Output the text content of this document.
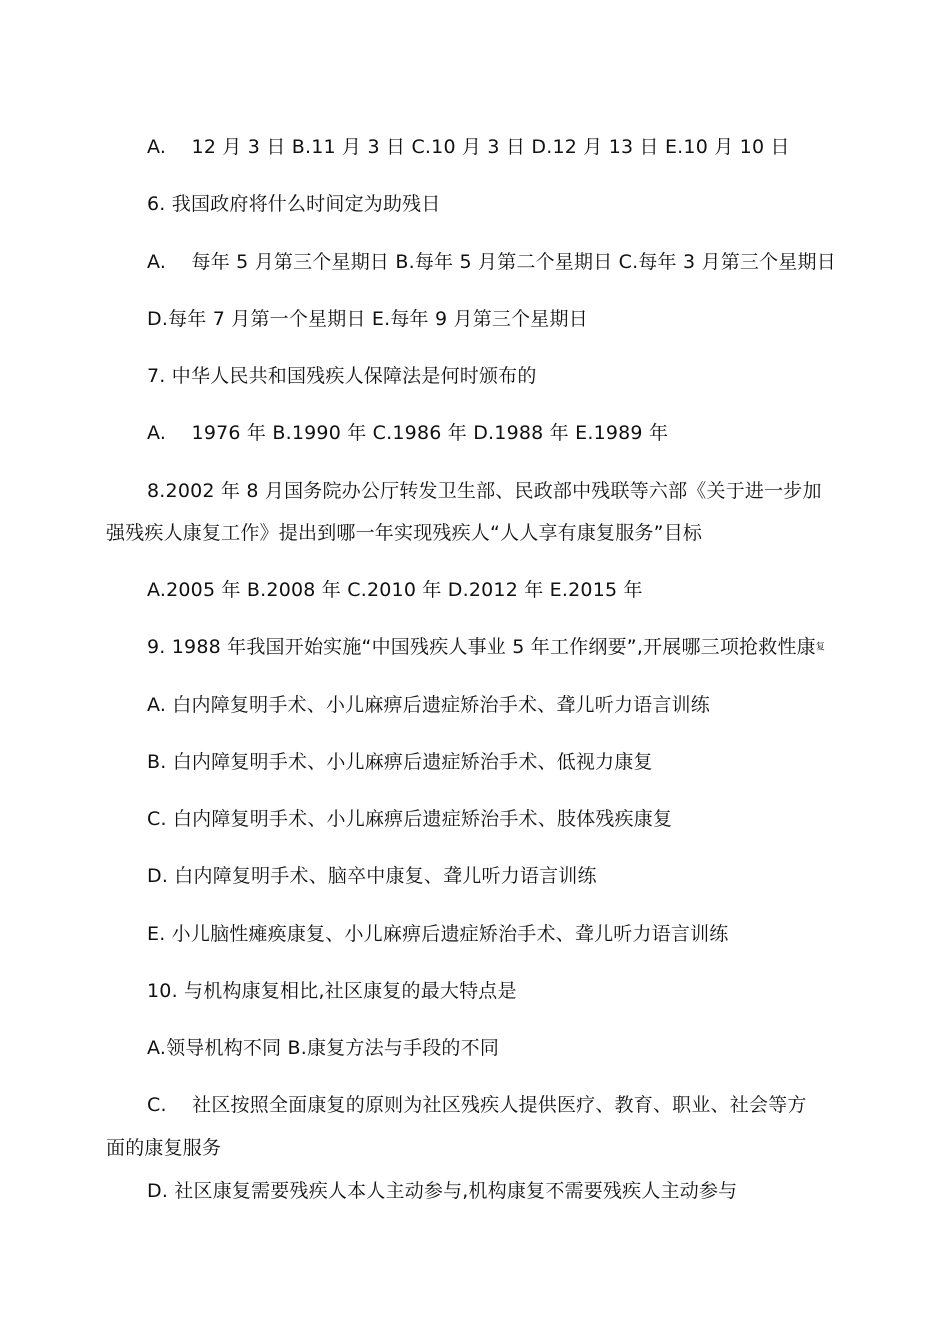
A.　 12 月 3 日 B.11 月 3 日 C.10 月 3 日 D.12 月 13 日 E.10 月 10 日
6. 我国政府将什么时间定为助残日
A.　 每年 5 月第三个星期日 B.每年 5 月第二个星期日 C.每年 3 月第三个星期日
D.每年 7 月第一个星期日 E.每年 9 月第三个星期日
7. 中华人民共和国残疾人保障法是何时颁布的
A.　 1976 年 B.1990 年 C.1986 年 D.1988 年 E.1989 年
8.2002 年 8 月国务院办公厅转发卫生部、民政部中残联等六部《关于进一步加
强残疾人康复工作》提出到哪一年实现残疾人“人人享有康复服务”目标
A.2005 年 B.2008 年 C.2010 年 D.2012 年 E.2015 年
9. 1988 年我国开始实施“中国残疾人事业 5 年工作纲要”,开展哪三项抢救性康复
A. 白内障复明手术、小儿麻痹后遗症矫治手术、聋儿听力语言训练
B. 白内障复明手术、小儿麻痹后遗症矫治手术、低视力康复
C. 白内障复明手术、小儿麻痹后遗症矫治手术、肢体残疾康复
D. 白内障复明手术、脑卒中康复、聋儿听力语言训练
E. 小儿脑性瘫痪康复、小儿麻痹后遗症矫治手术、聋儿听力语言训练
10. 与机构康复相比,社区康复的最大特点是
A.领导机构不同 B.康复方法与手段的不同
C.　 社区按照全面康复的原则为社区残疾人提供医疗、教育、职业、社会等方
面的康复服务
D. 社区康复需要残疾人本人主动参与,机构康复不需要残疾人主动参与
